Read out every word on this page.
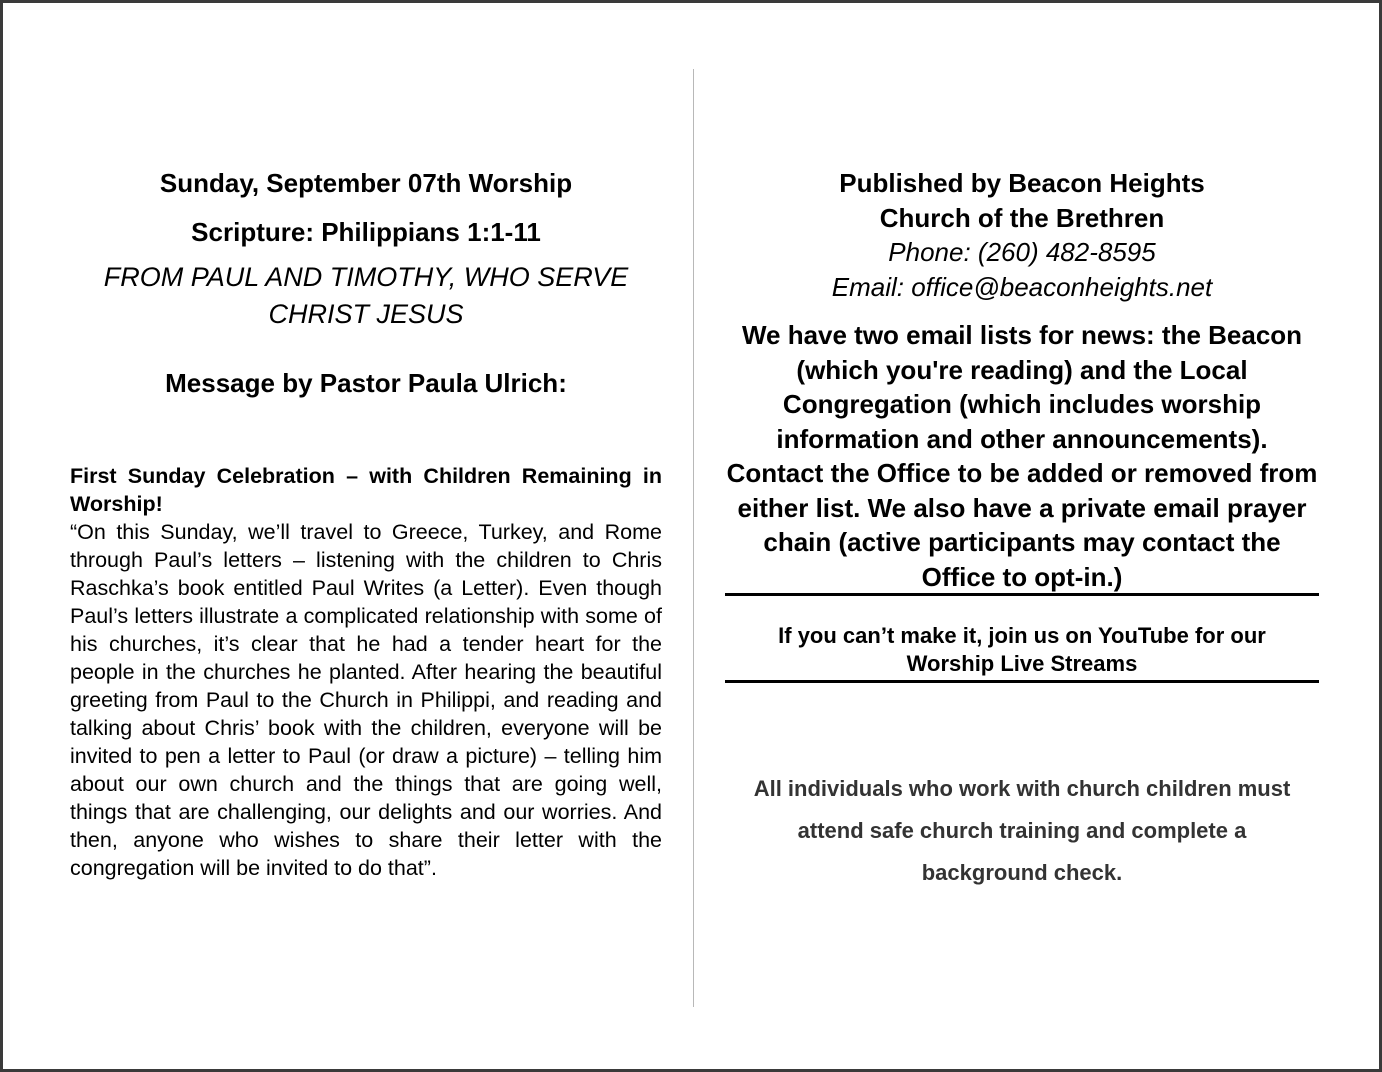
Sunday, September 07th Worship

Scripture: Philippians 1:1-11

FROM PAUL AND TIMOTHY, WHO SERVE
CHRIST JESUS

Message by Pastor Paula Ulrich:

First Sunday Celebration – with Children Remaining in Worship!
“On this Sunday, we’ll travel to Greece, Turkey, and Rome through Paul’s letters – listening with the children to Chris Raschka’s book entitled Paul Writes (a Letter). Even though Paul’s letters illustrate a complicated relationship with some of his churches, it’s clear that he had a tender heart for the people in the churches he planted. After hearing the beautiful greeting from Paul to the Church in Philippi, and reading and talking about Chris’ book with the children, everyone will be invited to pen a letter to Paul (or draw a picture) – telling him about our own church and the things that are going well, things that are challenging, our delights and our worries. And then, anyone who wishes to share their letter with the congregation will be invited to do that”.

Published by Beacon Heights
Church of the Brethren
Phone: (260) 482-8595
Email: office@beaconheights.net

We have two email lists for news: the Beacon (which you're reading) and the Local Congregation (which includes worship information and other announcements). Contact the Office to be added or removed from either list. We also have a private email prayer chain (active participants may contact the Office to opt-in.)

If you can’t make it, join us on YouTube for our
Worship Live Streams

All individuals who work with church children must
attend safe church training and complete a
background check.
